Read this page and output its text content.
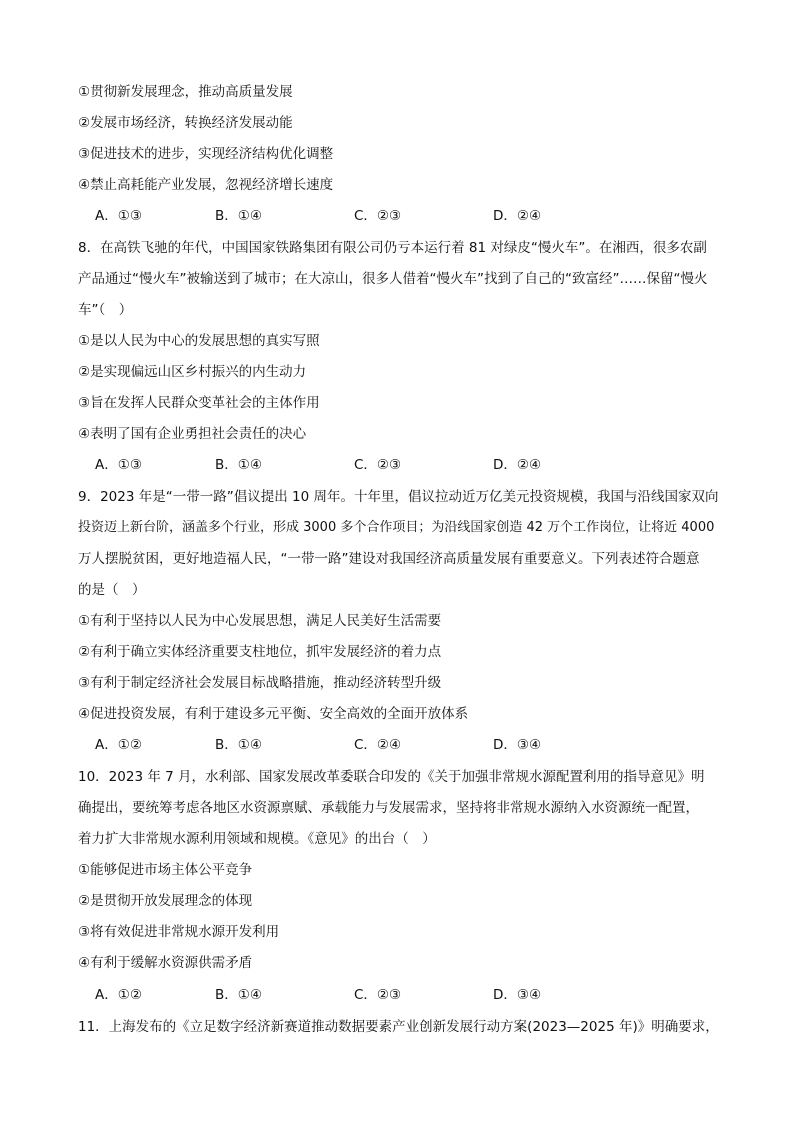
①贯彻新发展理念，推动高质量发展
②发展市场经济，转换经济发展动能
③促进技术的进步，实现经济结构优化调整
④禁止高耗能产业发展，忽视经济增长速度
A．①③	B．①④	C．②③	D．②④
8．在高铁飞驰的年代，中国国家铁路集团有限公司仍亏本运行着 81 对绿皮“慢火车”。在湘西，很多农副
产品通过“慢火车”被输送到了城市；在大凉山，很多人借着“慢火车”找到了自己的“致富经”……保留“慢火
车”（　）
①是以人民为中心的发展思想的真实写照
②是实现偏远山区乡村振兴的内生动力
③旨在发挥人民群众变革社会的主体作用
④表明了国有企业勇担社会责任的决心
A．①③	B．①④	C．②③	D．②④
9．2023 年是“一带一路”倡议提出 10 周年。十年里，倡议拉动近万亿美元投资规模，我国与沿线国家双向
投资迈上新台阶，涵盖多个行业，形成 3000 多个合作项目；为沿线国家创造 42 万个工作岗位，让将近 4000
万人摆脱贫困，更好地造福人民，“一带一路”建设对我国经济高质量发展有重要意义。下列表述符合题意
的是（　）
①有利于坚持以人民为中心发展思想，满足人民美好生活需要
②有利于确立实体经济重要支柱地位，抓牢发展经济的着力点
③有利于制定经济社会发展目标战略措施，推动经济转型升级
④促进投资发展，有利于建设多元平衡、安全高效的全面开放体系
A．①②	B．①④	C．②④	D．③④
10．2023 年 7 月，水利部、国家发展改革委联合印发的《关于加强非常规水源配置利用的指导意见》明
确提出，要统筹考虑各地区水资源禀赋、承载能力与发展需求，坚持将非常规水源纳入水资源统一配置，
着力扩大非常规水源利用领域和规模。《意见》的出台（　）
①能够促进市场主体公平竞争
②是贯彻开放发展理念的体现
③将有效促进非常规水源开发利用
④有利于缓解水资源供需矛盾
A．①②	B．①④	C．②③	D．③④
11．上海发布的《立足数字经济新赛道推动数据要素产业创新发展行动方案(2023—2025 年)》明确要求，
